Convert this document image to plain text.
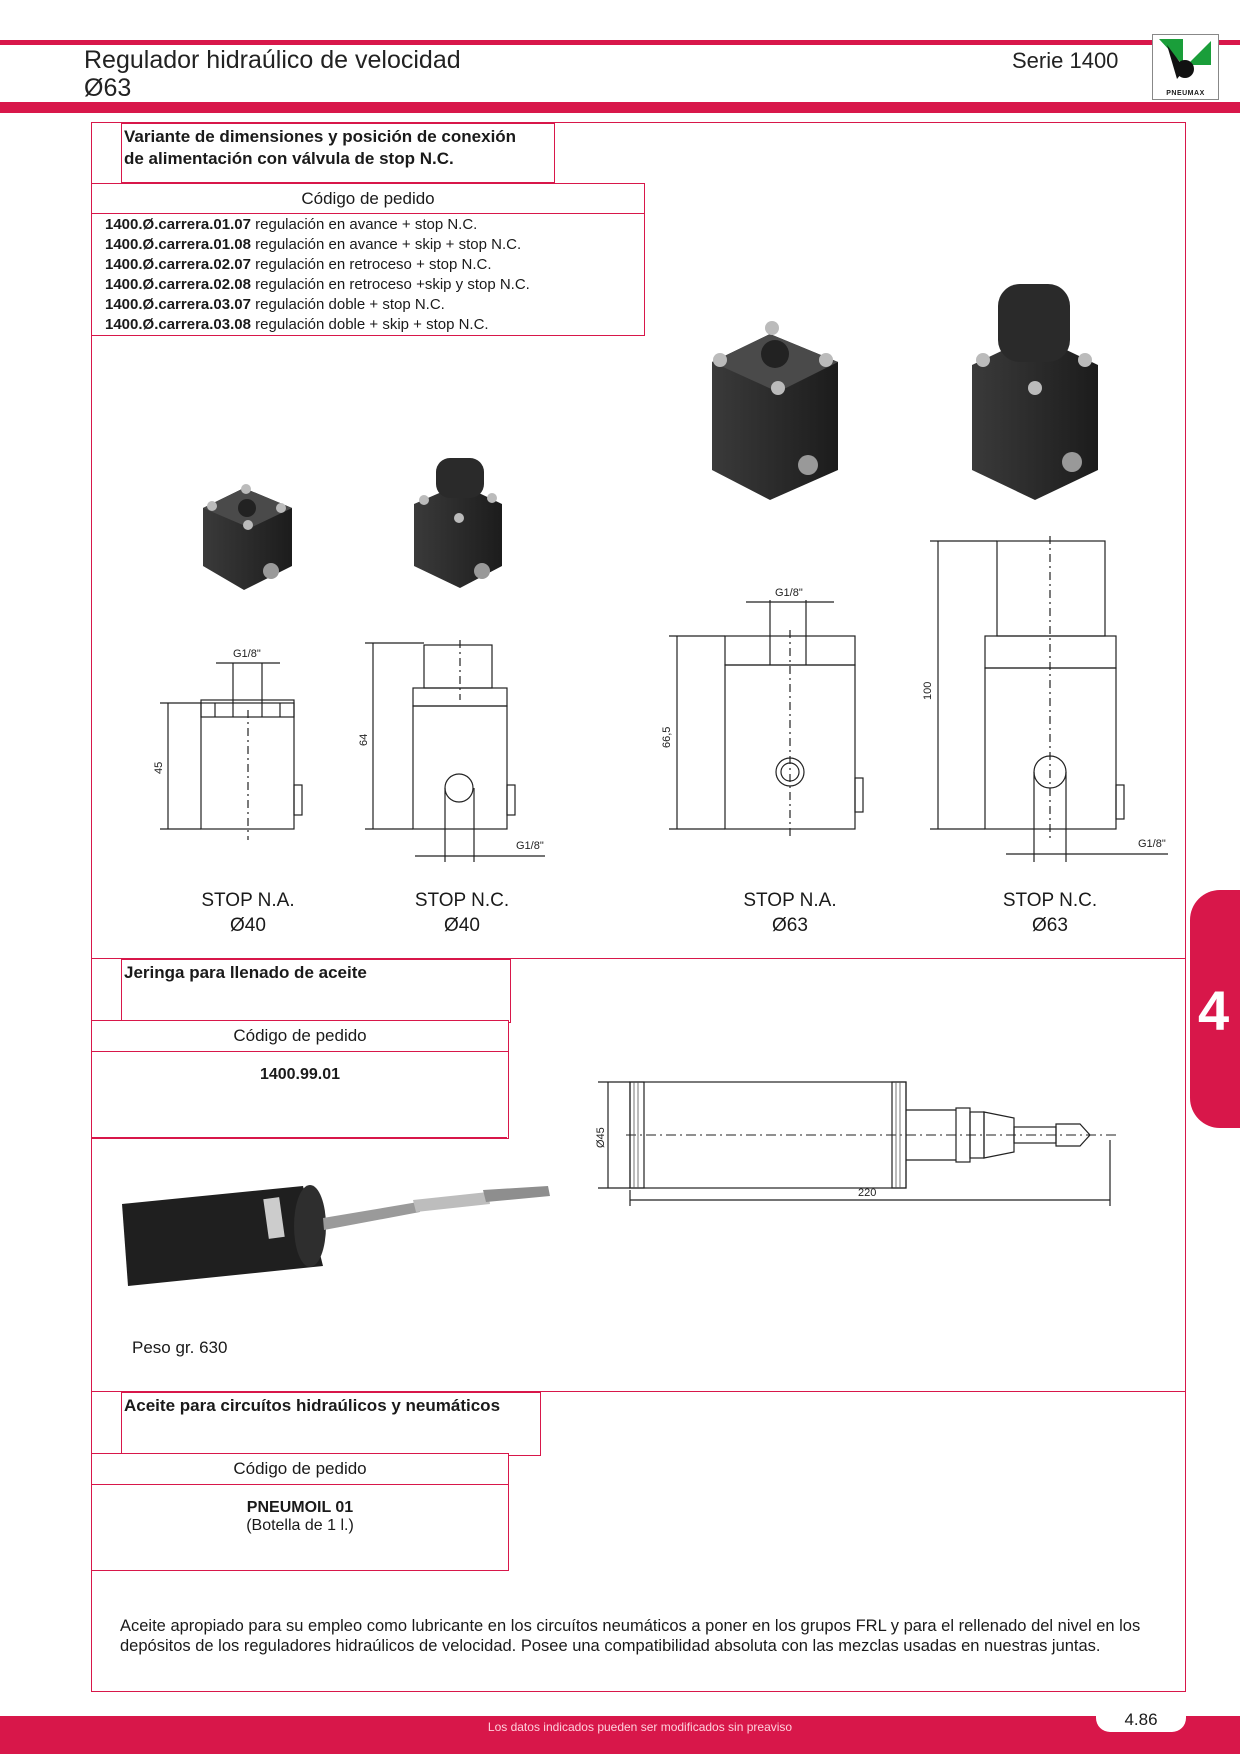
Regulador hidraúlico de velocidad
Ø63
Serie 1400
PNEUMAX
Variante de dimensiones y posición de conexión
de alimentación con válvula de stop N.C.
Código de pedido
1400.Ø.carrera.01.07 regulación en avance + stop N.C.
1400.Ø.carrera.01.08 regulación en avance + skip + stop N.C.
1400.Ø.carrera.02.07 regulación en retroceso + stop N.C.
1400.Ø.carrera.02.08 regulación en retroceso +skip y stop N.C.
1400.Ø.carrera.03.07 regulación doble + stop N.C.
1400.Ø.carrera.03.08 regulación doble + skip + stop N.C.
G1/8"
45
G1/8"
64
G1/8"
66,5
G1/8"
100
STOP N.A.
Ø40
STOP N.C.
Ø40
STOP N.A.
Ø63
STOP N.C.
Ø63
Jeringa para llenado de aceite
Código de pedido
1400.99.01
220
Ø45
Peso gr. 630
Aceite para circuítos hidraúlicos y neumáticos
Código de pedido
PNEUMOIL 01
(Botella de 1 l.)
Aceite apropiado para su empleo como lubricante en los circuítos neumáticos a poner en los grupos FRL y para el rellenado del nivel en los depósitos de los reguladores hidraúlicos de velocidad. Posee una compatibilidad absoluta con las mezclas usadas en nuestras juntas.
4
Los datos indicados pueden ser modificados sin preaviso	4.86
